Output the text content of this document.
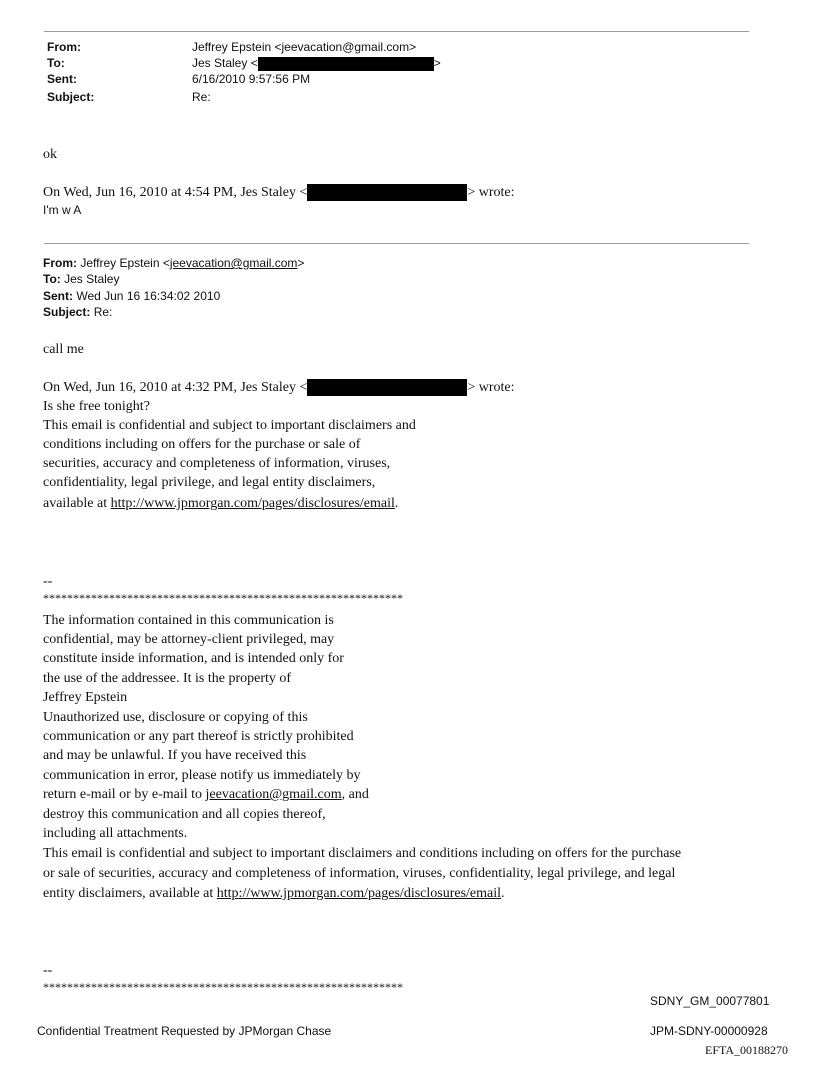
From:	Jeffrey Epstein <jeevacation@gmail.com>
To:	Jes Staley <	>
Sent:	6/16/2010 9:57:56 PM
Subject:	Re:
ok
On Wed, Jun 16, 2010 at 4:54 PM, Jes Staley <	> wrote:
I'm w A
From: Jeffrey Epstein <jeevacation@gmail.com>
To: Jes Staley
Sent: Wed Jun 16 16:34:02 2010
Subject: Re:
call me
On Wed, Jun 16, 2010 at 4:32 PM, Jes Staley <	> wrote:
Is she free tonight?
This email is confidential and subject to important disclaimers and
conditions including on offers for the purchase or sale of
securities, accuracy and completeness of information, viruses,
confidentiality, legal privilege, and legal entity disclaimers,
available at http://www.jpmorgan.com/pages/disclosures/email.
--
************************************************************
The information contained in this communication is
confidential, may be attorney-client privileged, may
constitute inside information, and is intended only for
the use of the addressee. It is the property of
Jeffrey Epstein
Unauthorized use, disclosure or copying of this
communication or any part thereof is strictly prohibited
and may be unlawful. If you have received this
communication in error, please notify us immediately by
return e-mail or by e-mail to jeevacation@gmail.com, and
destroy this communication and all copies thereof,
including all attachments.
This email is confidential and subject to important disclaimers and conditions including on offers for the purchase
or sale of securities, accuracy and completeness of information, viruses, confidentiality, legal privilege, and legal
entity disclaimers, available at http://www.jpmorgan.com/pages/disclosures/email.
--
************************************************************
SDNY_GM_00077801
Confidential Treatment Requested by JPMorgan Chase	JPM-SDNY-00000928
EFTA_00188270
